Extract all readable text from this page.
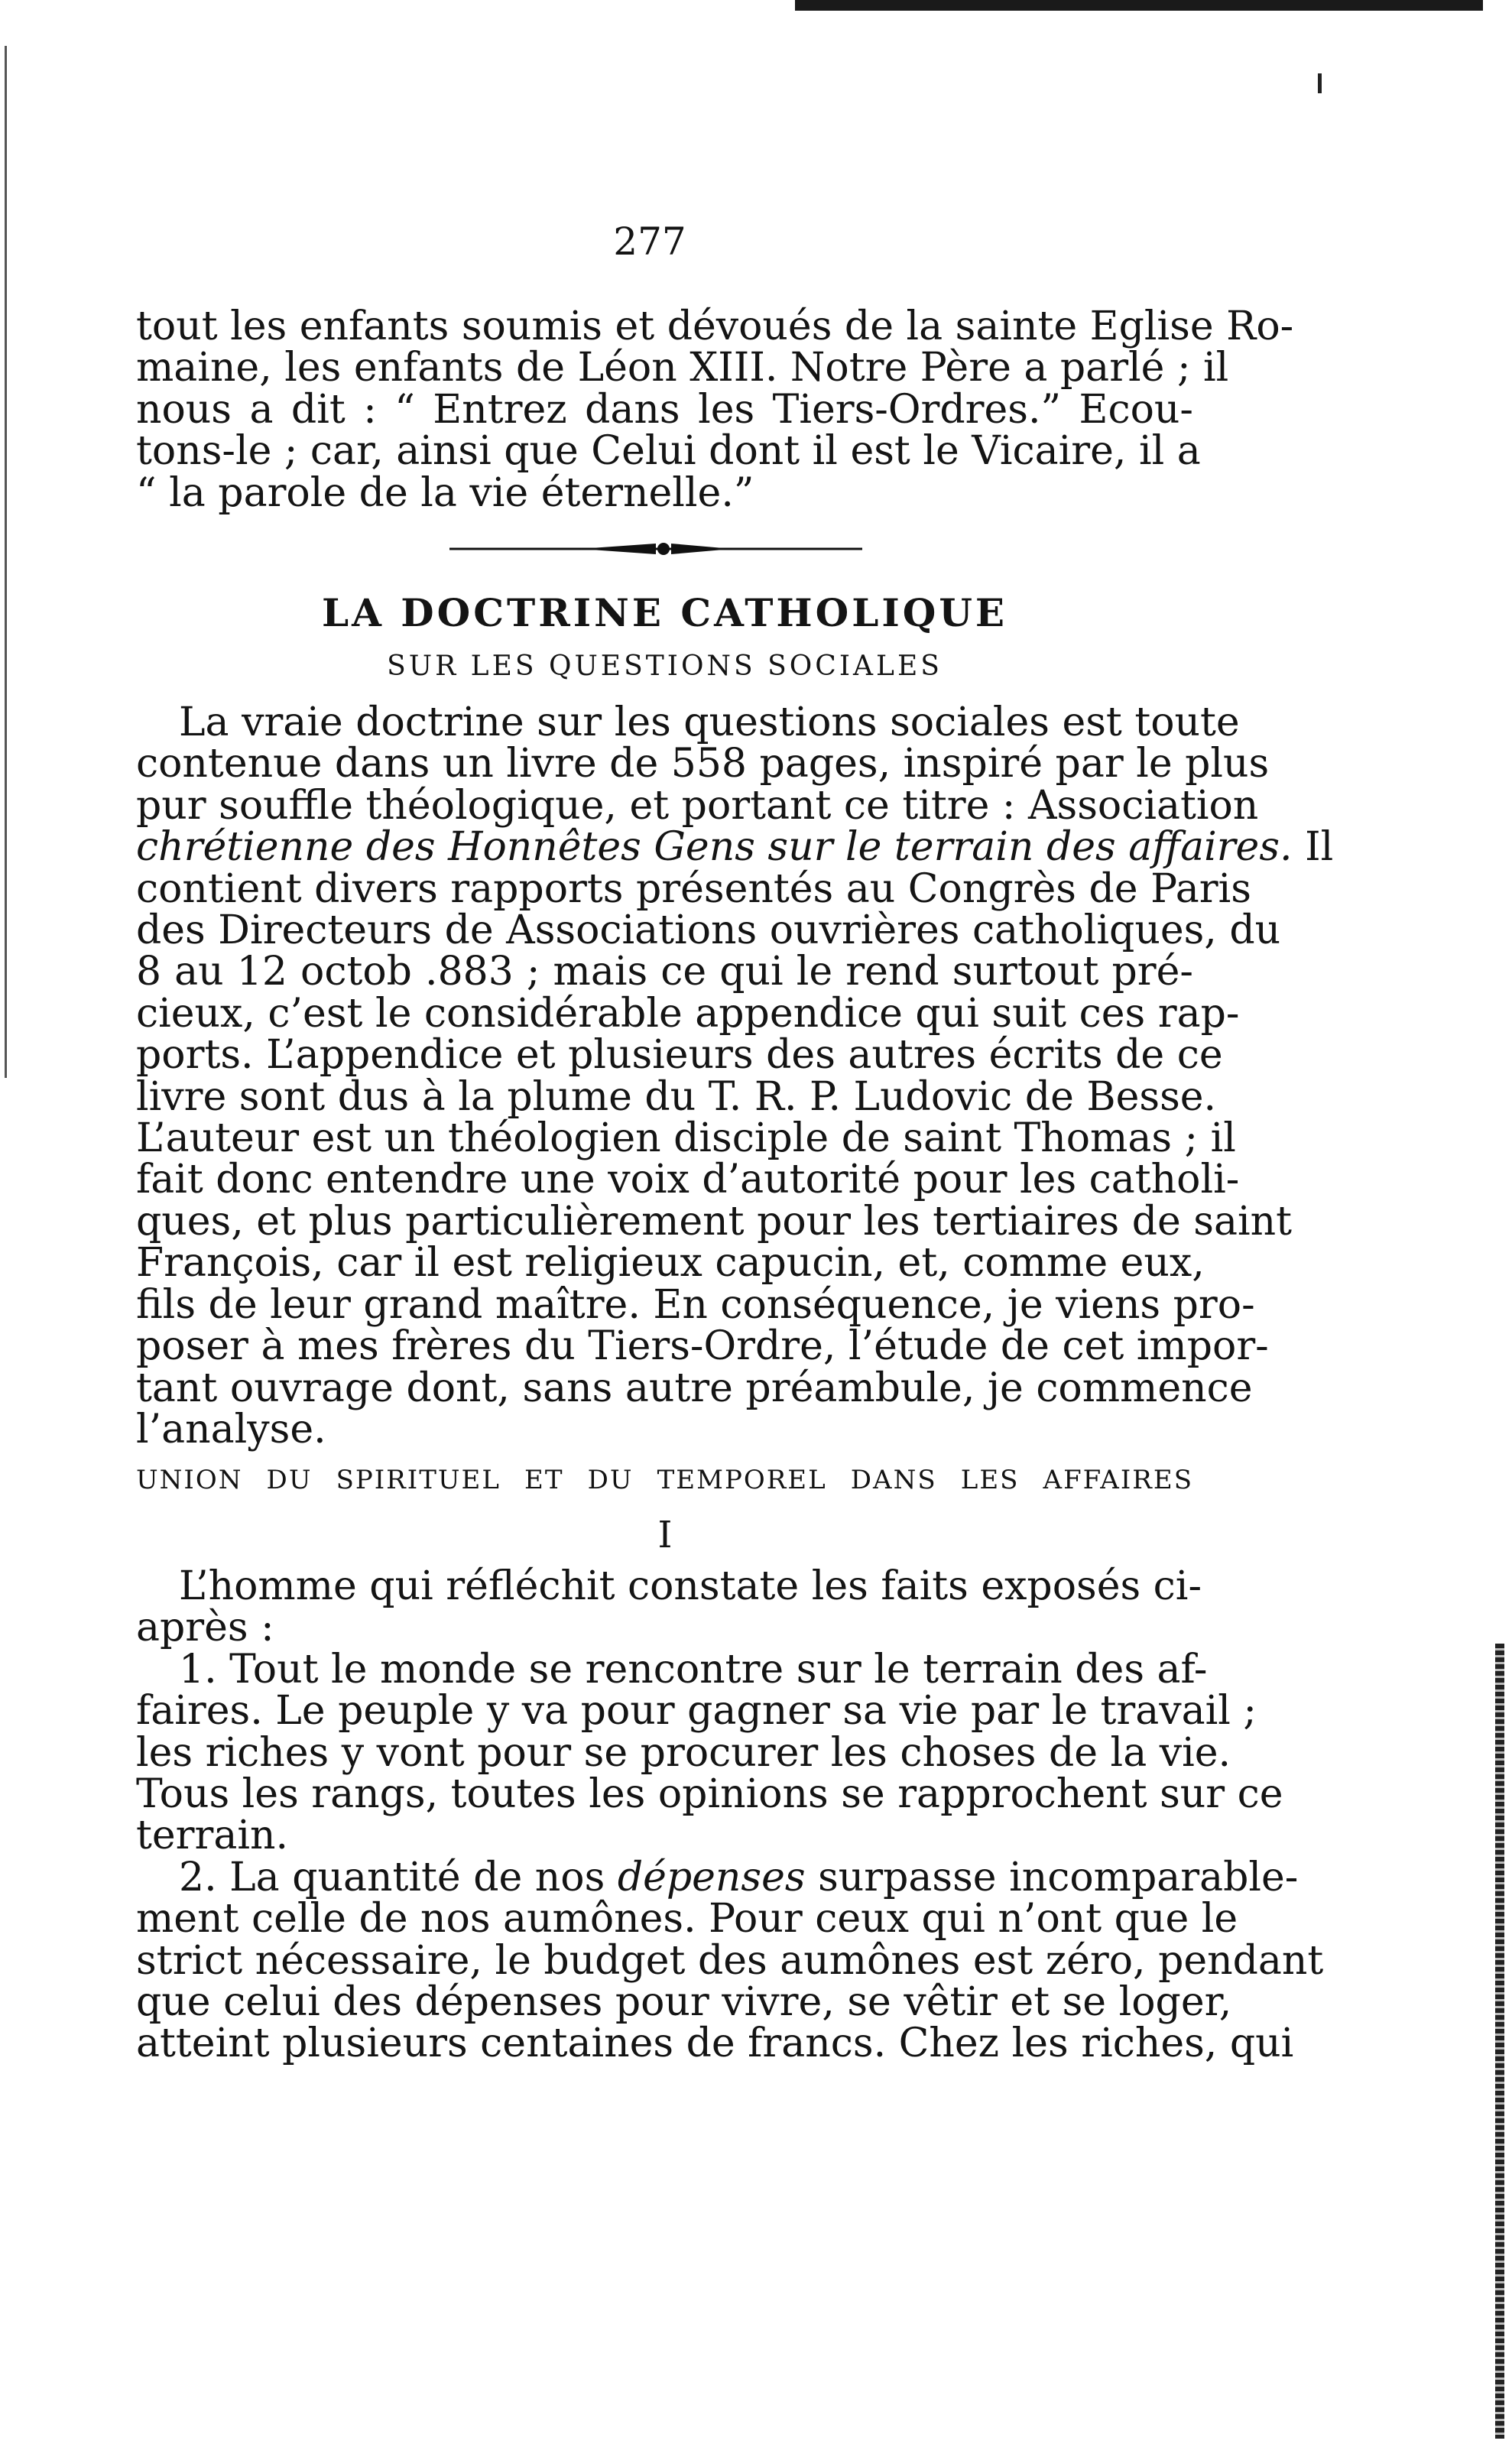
277
tout les enfants soumis et dévoués de la sainte Eglise Ro-
maine, les enfants de Léon XIII. Notre Père a parlé ; il
nous a dit : “ Entrez dans les Tiers-Ordres.” Ecou-
tons-le ; car, ainsi que Celui dont il est le Vicaire, il a
“ la parole de la vie éternelle.”
LA DOCTRINE CATHOLIQUE
SUR LES QUESTIONS SOCIALES
La vraie doctrine sur les questions sociales est toute
contenue dans un livre de 558 pages, inspiré par le plus
pur souffle théologique, et portant ce titre : Association
chrétienne des Honnêtes Gens sur le terrain des affaires. Il
contient divers rapports présentés au Congrès de Paris
des Directeurs de Associations ouvrières catholiques, du
8 au 12 octob .883 ; mais ce qui le rend surtout pré-
cieux, c’est le considérable appendice qui suit ces rap-
ports. L’appendice et plusieurs des autres écrits de ce
livre sont dus à la plume du T. R. P. Ludovic de Besse.
L’auteur est un théologien disciple de saint Thomas ; il
fait donc entendre une voix d’autorité pour les catholi-
ques, et plus particulièrement pour les tertiaires de saint
François, car il est religieux capucin, et, comme eux,
fils de leur grand maître. En conséquence, je viens pro-
poser à mes frères du Tiers-Ordre, l’étude de cet impor-
tant ouvrage dont, sans autre préambule, je commence
l’analyse.
UNION DU SPIRITUEL ET DU TEMPOREL DANS LES AFFAIRES
I
L’homme qui réfléchit constate les faits exposés ci-
après :
1. Tout le monde se rencontre sur le terrain des af-
faires. Le peuple y va pour gagner sa vie par le travail ;
les riches y vont pour se procurer les choses de la vie.
Tous les rangs, toutes les opinions se rapprochent sur ce
terrain.
2. La quantité de nos dépenses surpasse incomparable-
ment celle de nos aumônes. Pour ceux qui n’ont que le
strict nécessaire, le budget des aumônes est zéro, pendant
que celui des dépenses pour vivre, se vêtir et se loger,
atteint plusieurs centaines de francs. Chez les riches, qui
